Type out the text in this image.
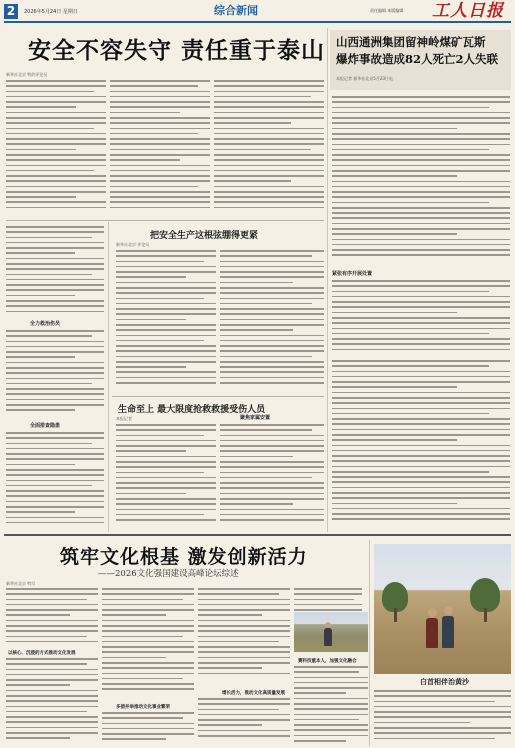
2	2026年5月24日 星期日	综合新闻	责任编辑 本版编辑 工人日报
安全不容失守 责任重于泰山 山西通洲集团留神岭煤矿瓦斯
爆炸事故造成82人死亡2人失联
本报记者 新华社北京5月23日电
新华社北京 特约评论员
紧张有序开展处置
全力救治伤员
全面排查隐患
把安全生产这根弦绷得更紧
新华社北京 评论员
生命至上 最大限度抢救救援受伤人员
本报记者	聚焦家属安置
筑牢文化根基 激发创新活力
——2026文化强国建设高峰论坛综述
新华社北京 特写
以核心、沉浸的方式推动文化发展
多措并举推动文化事业繁荣
增长活力，推动文化高质量发展
赛科技重本人，加强文化融合
白首相伴治黄沙
